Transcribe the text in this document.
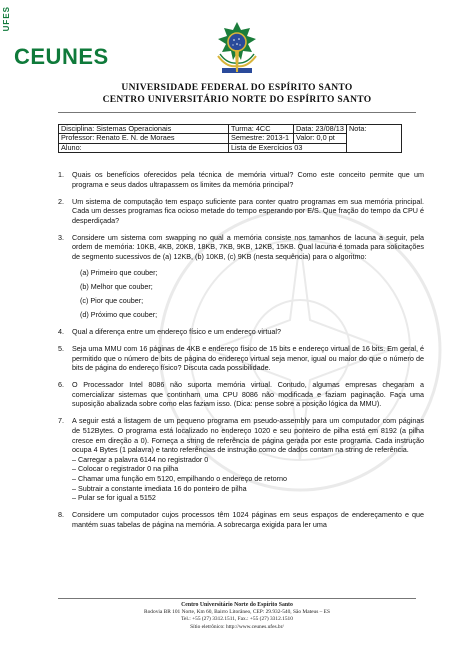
UFES
CEUNES
UNIVERSIDADE FEDERAL DO ESPÍRITO SANTO
CENTRO UNIVERSITÁRIO NORTE DO ESPÍRITO SANTO
Disciplina: Sistemas Operacionais	Turma: 4CC	Data: 23/08/13	Nota:
Professor: Renato E. N. de Moraes	Semestre: 2013-1	Valor: 0,0 pt	
Aluno:	Lista de Exercícios 03		
1. Quais os benefícios oferecidos pela técnica de memória virtual? Como este conceito permite que um programa e seus dados ultrapassem os limites da memória principal?
2. Um sistema de computação tem espaço suficiente para conter quatro programas em sua memória principal. Cada um desses programas fica ocioso metade do tempo esperando por E/S. Que fração do tempo da CPU é desperdiçada?
3. Considere um sistema com swapping no qual a memória consiste nos tamanhos de lacuna a seguir, pela ordem de memória: 10KB, 4KB, 20KB, 18KB, 7KB, 9KB, 12KB, 15KB. Qual lacuna é tomada para solicitações de segmento sucessivos de (a) 12KB, (b) 10KB, (c) 9KB (nesta sequência) para o algoritmo:
(a) Primeiro que couber;
(b) Melhor que couber;
(c) Pior que couber;
(d) Próximo que couber;
4. Qual a diferença entre um endereço físico e um endereço virtual?
5. Seja uma MMU com 16 páginas de 4KB e endereço físico de 15 bits e endereço virtual de 16 bits. Em geral, é permitido que o número de bits de página do endereço virtual seja menor, igual ou maior do que o número de bits de página do endereço físico? Discuta cada possibilidade.
6. O Processador Intel 8086 não suporta memória virtual. Contudo, algumas empresas chegaram a comercializar sistemas que continham uma CPU 8086 não modificada e faziam paginação. Faça uma suposição abalizada sobre como elas faziam isso. (Dica: pense sobre a posição lógica da MMU).
7. A seguir está a listagem de um pequeno programa em pseudo-assembly para um computador com páginas de 512Bytes. O programa está localizado no endereço 1020 e seu ponteiro de pilha está em 8192 (a pilha cresce em direção a 0). Forneça a string de referência de página gerada por este programa. Cada instrução ocupa 4 Bytes (1 palavra) e tanto referências de instrução como de dados contam na string de referência.
– Carregar a palavra 6144 no registrador 0
– Colocar o registrador 0 na pilha
– Chamar uma função em 5120, empilhando o endereço de retorno
– Subtrair a constante imediata 16 do ponteiro de pilha
– Pular se for igual a 5152
8. Considere um computador cujos processos têm 1024 páginas em seus espaços de endereçamento e que mantém suas tabelas de página na memória. A sobrecarga exigida para ler uma
Centro Universitário Norte do Espírito Santo
Rodovia BR 101 Norte, Km 60, Bairro Litorâneo, CEP: 29.932-540, São Mateus – ES
Tel.: +55 (27) 3312.1511, Fax.: +55 (27) 3312.1510
Sítio eletrônico: http://www.ceunes.ufes.br/
